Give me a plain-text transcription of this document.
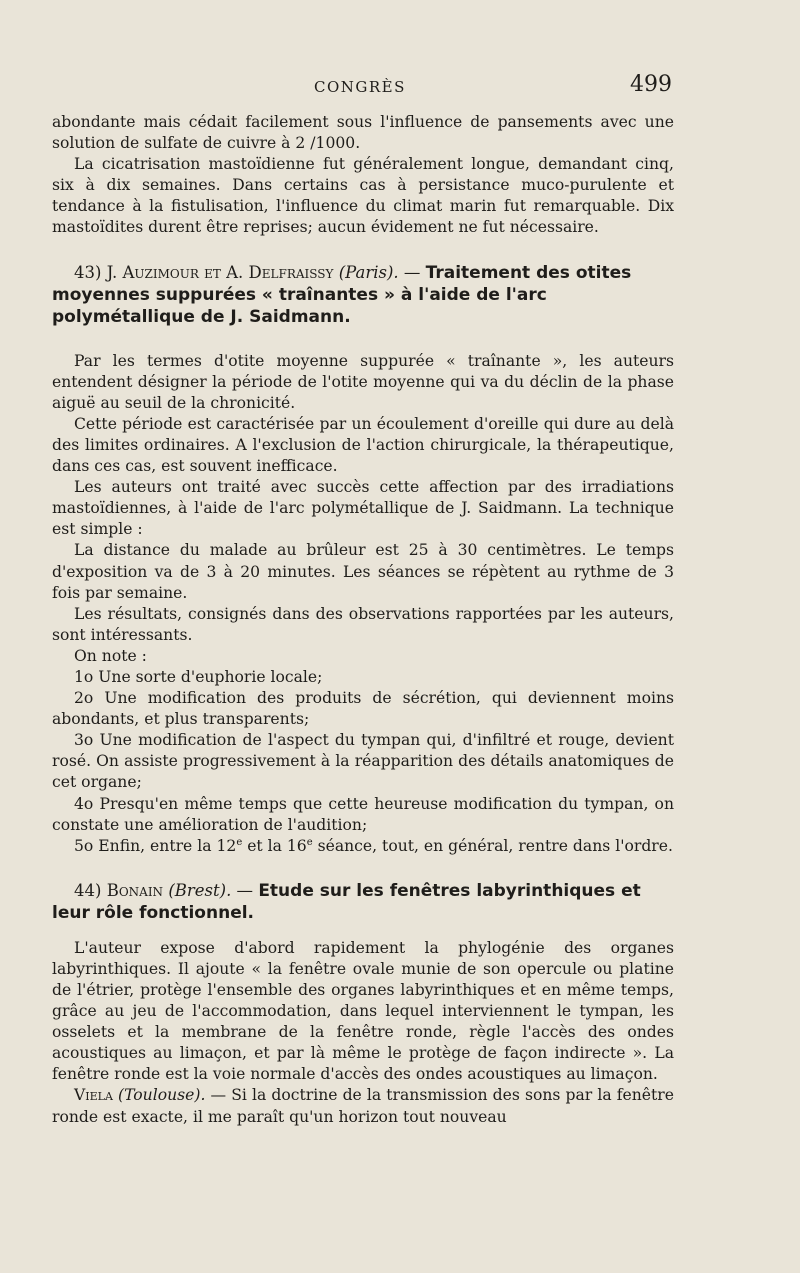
CONGRÈS	499

abondante mais cédait facilement sous l'influence de pansements avec une solution de sulfate de cuivre à 2 /1000.

La cicatrisation mastoïdienne fut généralement longue, demandant cinq, six à dix semaines. Dans certains cas à persistance muco-purulente et tendance à la fistulisation, l'influence du climat marin fut remarquable. Dix mastoïdites durent être reprises; aucun évidement ne fut nécessaire.

43) J. Auzimour et A. Delfraissy (Paris). — Traitement des otites moyennes suppurées « traînantes » à l'aide de l'arc polymétallique de J. Saidmann.

Par les termes d'otite moyenne suppurée « traînante », les auteurs entendent désigner la période de l'otite moyenne qui va du déclin de la phase aiguë au seuil de la chronicité.

Cette période est caractérisée par un écoulement d'oreille qui dure au delà des limites ordinaires. A l'exclusion de l'action chirurgicale, la thérapeutique, dans ces cas, est souvent inefficace.

Les auteurs ont traité avec succès cette affection par des irradiations mastoïdiennes, à l'aide de l'arc polymétallique de J. Saidmann. La technique est simple :

La distance du malade au brûleur est 25 à 30 centimètres. Le temps d'exposition va de 3 à 20 minutes. Les séances se répètent au rythme de 3 fois par semaine.

Les résultats, consignés dans des observations rapportées par les auteurs, sont intéressants.

On note :

1o Une sorte d'euphorie locale;

2o Une modification des produits de sécrétion, qui deviennent moins abondants, et plus transparents;

3o Une modification de l'aspect du tympan qui, d'infiltré et rouge, devient rosé. On assiste progressivement à la réapparition des détails anatomiques de cet organe;

4o Presqu'en même temps que cette heureuse modification du tympan, on constate une amélioration de l'audition;

5o Enfin, entre la 12e et la 16e séance, tout, en général, rentre dans l'ordre.

44) Bonain (Brest). — Etude sur les fenêtres labyrinthiques et leur rôle fonctionnel.

L'auteur expose d'abord rapidement la phylogénie des organes labyrinthiques. Il ajoute « la fenêtre ovale munie de son opercule ou platine de l'étrier, protège l'ensemble des organes labyrinthiques et en même temps, grâce au jeu de l'accommodation, dans lequel interviennent le tympan, les osselets et la membrane de la fenêtre ronde, règle l'accès des ondes acoustiques au limaçon, et par là même le protège de façon indirecte ». La fenêtre ronde est la voie normale d'accès des ondes acoustiques au limaçon.

Viela (Toulouse). — Si la doctrine de la transmission des sons par la fenêtre ronde est exacte, il me paraît qu'un horizon tout nouveau
